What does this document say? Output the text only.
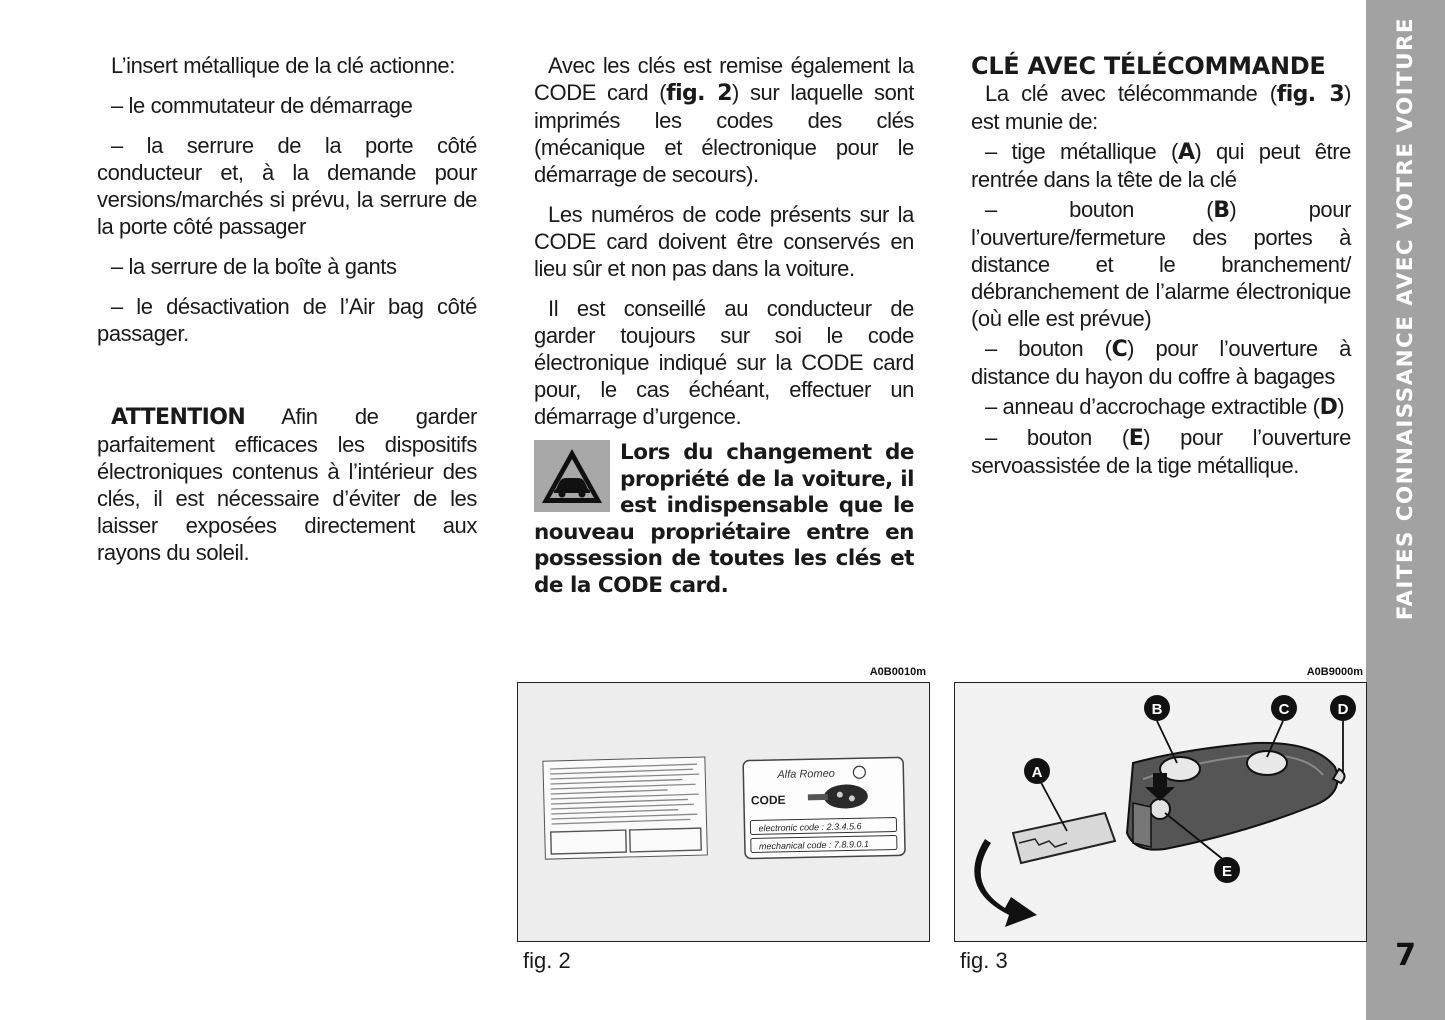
L’insert métallique de la clé actionne:

– le commutateur de démarrage

– la serrure de la porte côté conducteur et, à la demande pour versions/marchés si prévu, la serrure de la porte côté passager

– la serrure de la boîte à gants

– le désactivation de l’Air bag côté passager.

ATTENTION Afin de garder parfaitement efficaces les dispositifs électroniques contenus à l’intérieur des clés, il est nécessaire d’éviter de les laisser exposées directement aux rayons du soleil.

Avec les clés est remise également la CODE card (fig. 2) sur laquelle sont imprimés les codes des clés (mécanique et électronique pour le démarrage de secours).

Les numéros de code présents sur la CODE card doivent être conservés en lieu sûr et non pas dans la voiture.

Il est conseillé au conducteur de garder toujours sur soi le code électronique indiqué sur la CODE card pour, le cas échéant, effectuer un démarrage d’urgence.

Lors du changement de propriété de la voiture, il est indispensable que le nouveau propriétaire entre en possession de toutes les clés et de la CODE card.

CLÉ AVEC TÉLÉCOMMANDE

La clé avec télécommande (fig. 3) est munie de:

– tige métallique (A) qui peut être rentrée dans la tête de la clé

– bouton (B) pour l’ouverture/fermeture des portes à distance et le branchement/ débranchement de l’alarme électronique (où elle est prévue)

– bouton (C) pour l’ouverture à distance du hayon du coffre à bagages

– anneau d’accrochage extractible (D)

– bouton (E) pour l’ouverture servoassistée de la tige métallique.	FAITES CONNAISSANCE AVEC VOTRE VOITURE
7
A0B0010m
Alfa Romeo
CODE
electronic code : 2.3.4.5.6
mechanical code : 7.8.9.0.1
fig. 2
A0B9000m
A
B	C	D
E
fig. 3
